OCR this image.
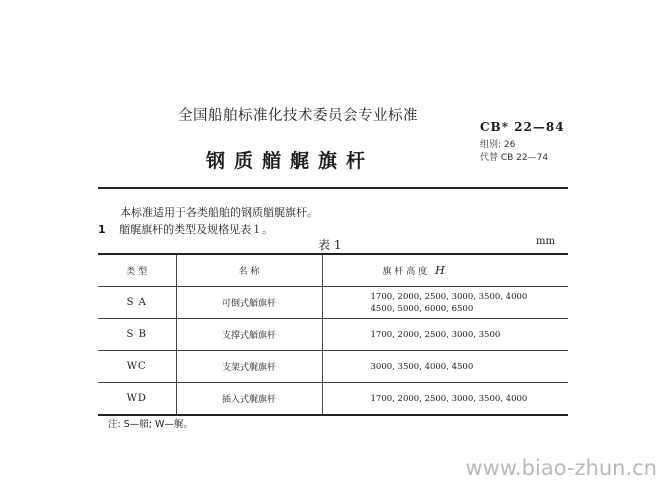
全国船舶标准化技术委员会专业标准
CB* 22—84
组别: 26
代替 CB 22—74
钢质艏艉旗杆
本标准适用于各类船舶的钢质艏艉旗杆。
1 艏艉旗杆的类型及规格见表１。
表 1	mm
类 型	名 称	旗 杆 高 度 H
S A	可倒式艏旗杆	1700, 2000, 2500, 3000, 3500, 4000
4500, 5000, 6000, 6500

S B	支撑式艏旗杆	1700, 2000, 2500, 3000, 3500

WC	支架式艉旗杆	3000, 3500, 4000, 4500

WD	插入式艉旗杆	1700, 2000, 2500, 3000, 3500, 4000
注: S—艏; W—艉。
www.biao-zhun.cn
